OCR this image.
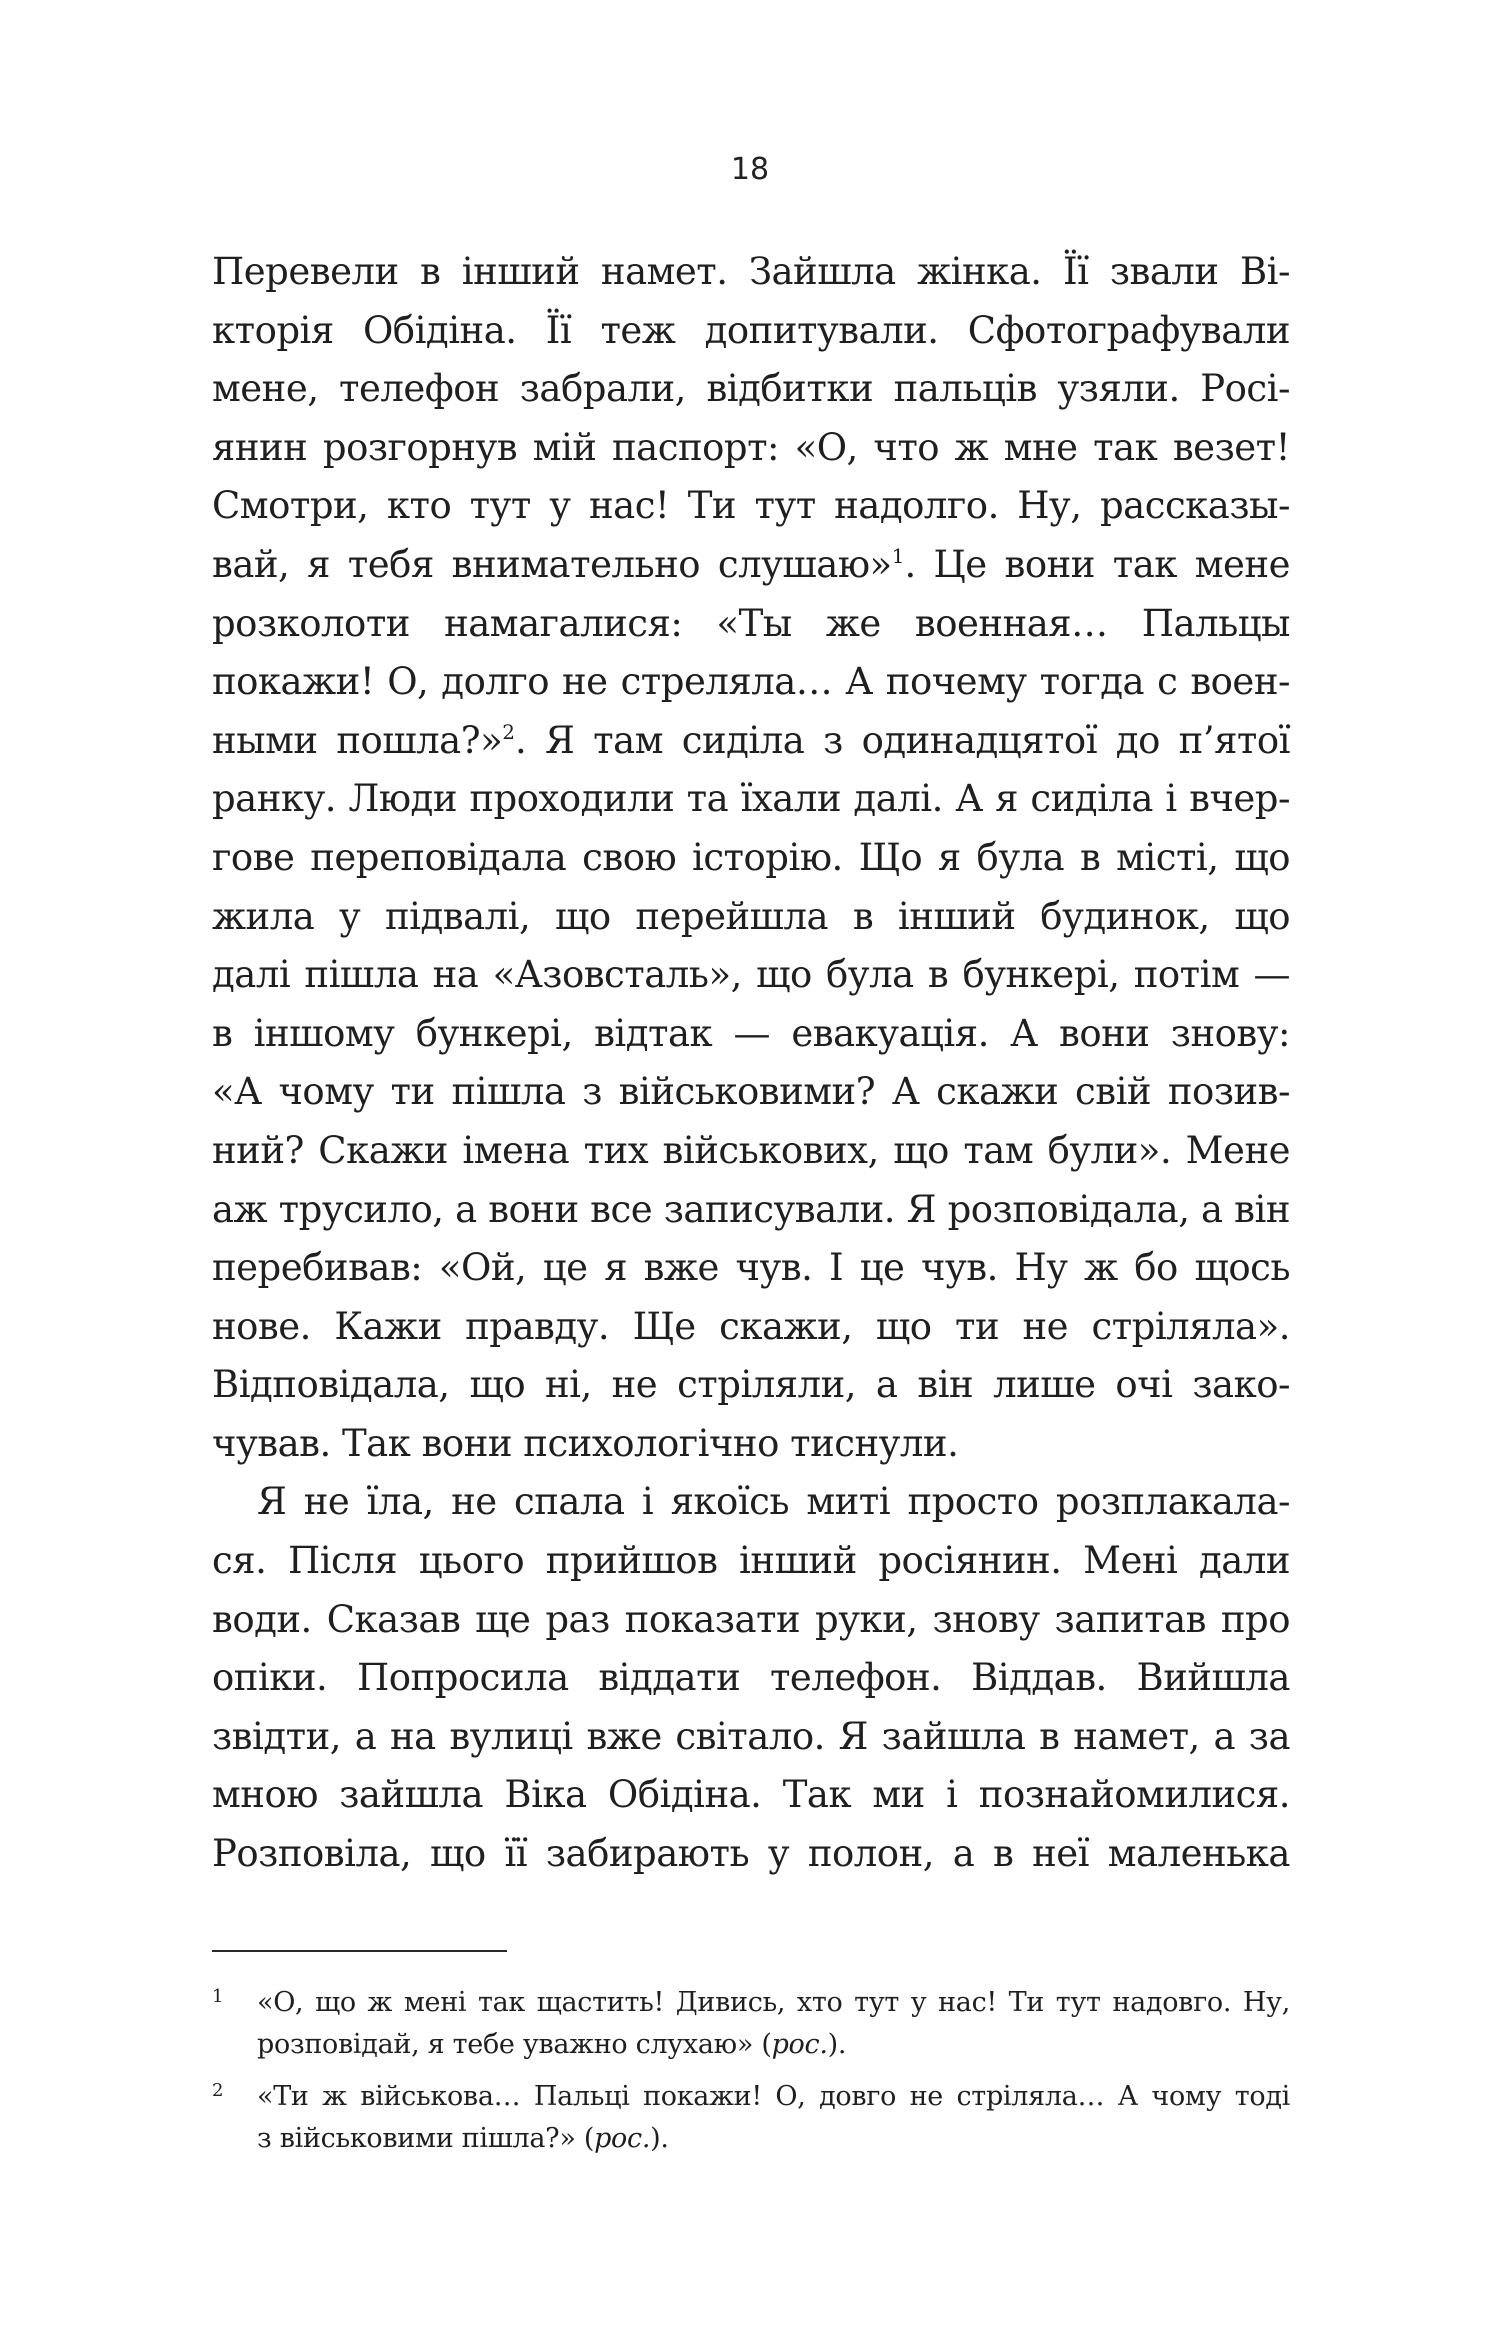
18
Перевели в інший намет. Зайшла жінка. Її звали Ві-
кторія Обідіна. Її теж допитували. Сфотографували
мене, телефон забрали, відбитки пальців узяли. Росі-
янин розгорнув мій паспорт: «О, что ж мне так везет!
Смотри, кто тут у нас! Ти тут надолго. Ну, рассказы-
вай, я тебя внимательно слушаю»$^1$. Це вони так мене
розколоти намагалися: «Ты же военная… Пальцы
покажи! О, долго не стреляла… А почему тогда с воен-
ными пошла?»$^2$. Я там сиділа з одинадцятої до п’ятої
ранку. Люди проходили та їхали далі. А я сиділа і вчер-
гове переповідала свою історію. Що я була в місті, що
жила у підвалі, що перейшла в інший будинок, що
далі пішла на «Азовсталь», що була в бункері, потім —
в іншому бункері, відтак — евакуація. А вони знову:
«А чому ти пішла з військовими? А скажи свій позив-
ний? Скажи імена тих військових, що там були». Мене
аж трусило, а вони все записували. Я розповідала, а він
перебивав: «Ой, це я вже чув. І це чув. Ну ж бо щось
нове. Кажи правду. Ще скажи, що ти не стріляла».
Відповідала, що ні, не стріляли, а він лише очі зако-
чував. Так вони психологічно тиснули.
Я не їла, не спала і якоїсь миті просто розплакала-
ся. Після цього прийшов інший росіянин. Мені дали
води. Сказав ще раз показати руки, знову запитав про
опіки. Попросила віддати телефон. Віддав. Вийшла
звідти, а на вулиці вже світало. Я зайшла в намет, а за
мною зайшла Віка Обідіна. Так ми і познайомилися.
Розповіла, що її забирають у полон, а в неї маленька
1 «О, що ж мені так щастить! Дивись, хто тут у нас! Ти тут надовго. Ну,
розповідай, я тебе уважно слухаю» (рос.).
2 «Ти ж військова… Пальці покажи! О, довго не стріляла… А чому тоді
з військовими пішла?» (рос.).
